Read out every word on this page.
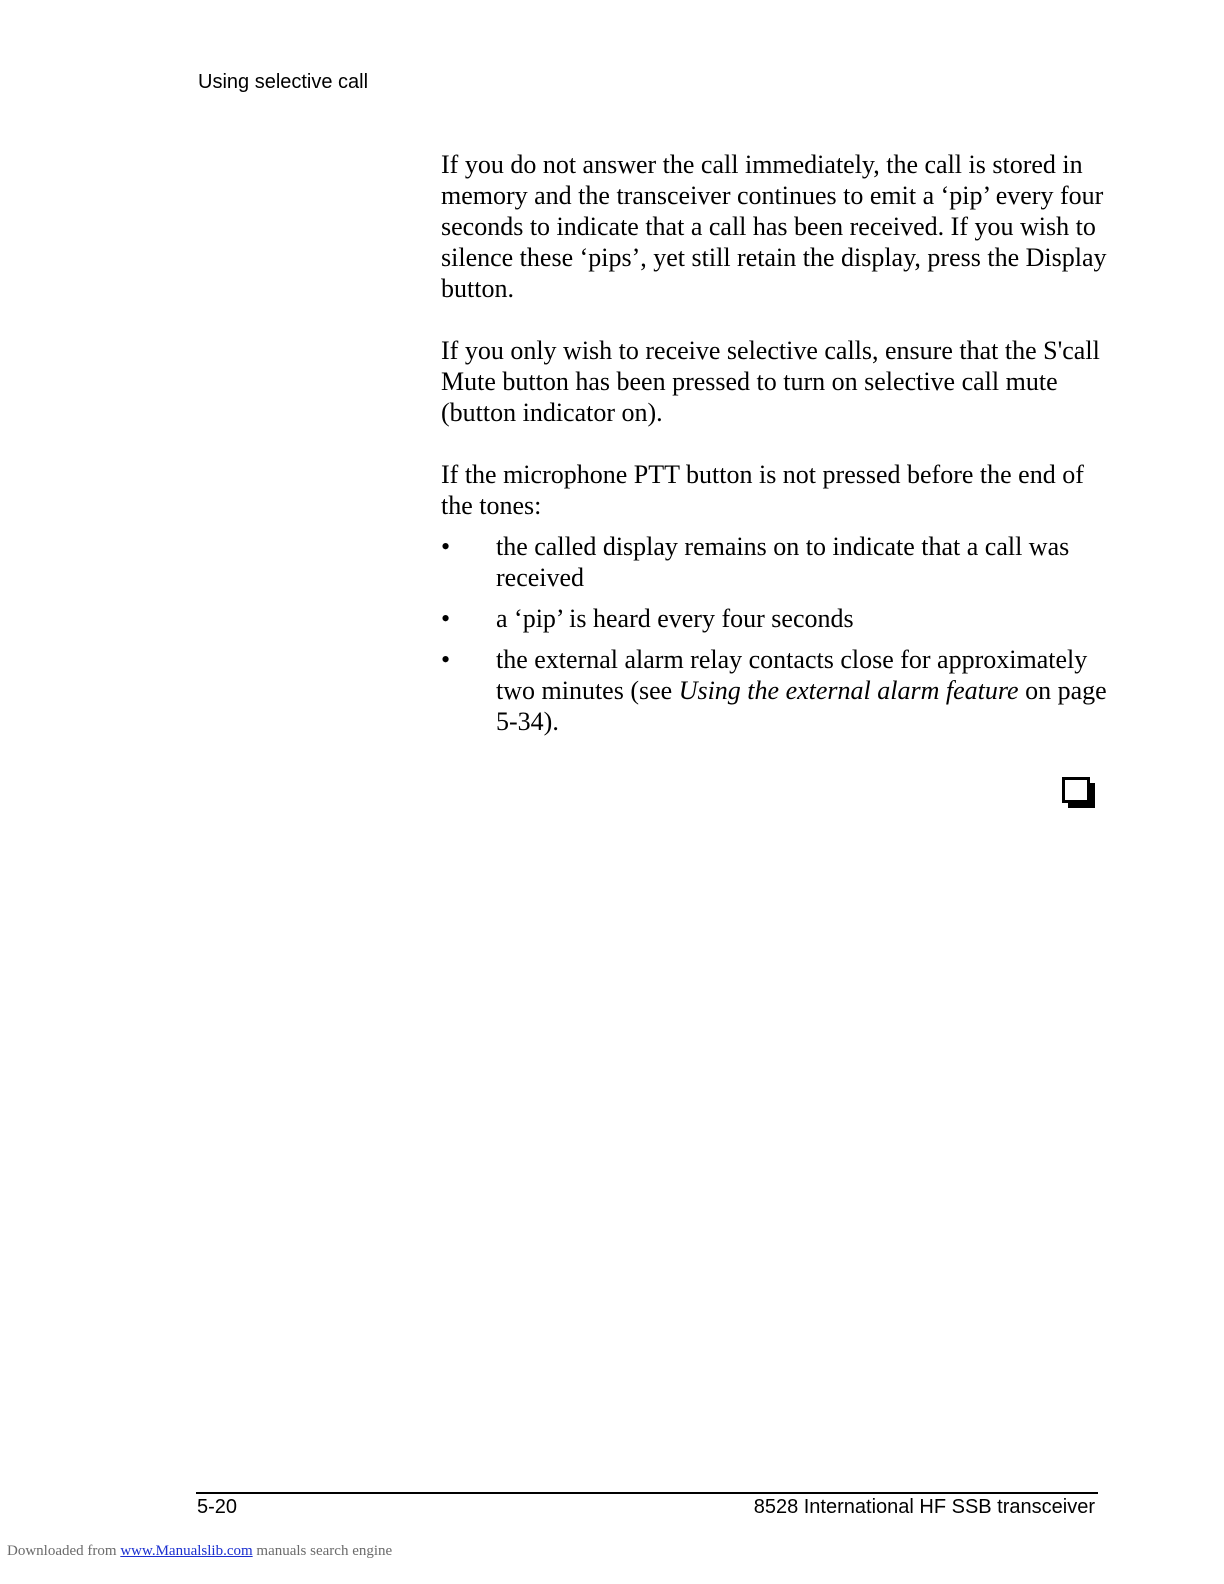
Using selective call

If you do not answer the call immediately, the call is stored in memory and the transceiver continues to emit a ‘pip’ every four seconds to indicate that a call has been received. If you wish to silence these ‘pips’, yet still retain the display, press the Display button.

If you only wish to receive selective calls, ensure that the S'call Mute button has been pressed to turn on selective call mute (button indicator on).

If the microphone PTT button is not pressed before the end of the tones:

• the called display remains on to indicate that a call was received
• a ‘pip’ is heard every four seconds
• the external alarm relay contacts close for approximately two minutes (see Using the external alarm feature on page 5-34).
5-20	8528 International HF SSB transceiver
Downloaded from www.Manualslib.com manuals search engine
